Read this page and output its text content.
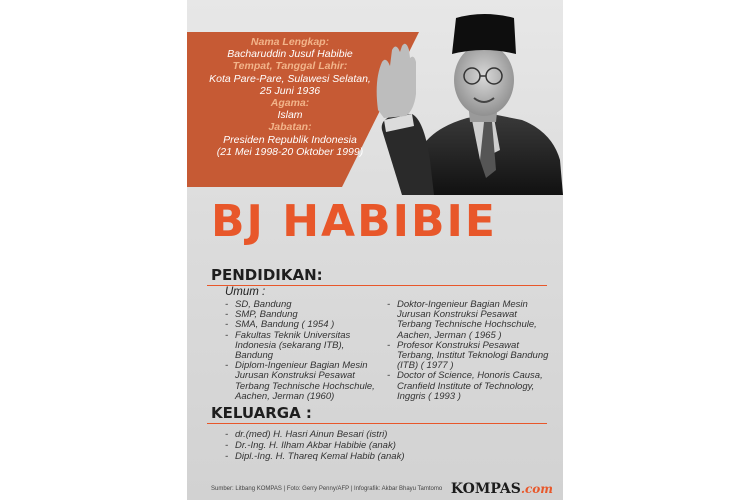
Nama Lengkap:
Bacharuddin Jusuf Habibie
Tempat, Tanggal Lahir:
Kota Pare-Pare, Sulawesi Selatan,
25 Juni 1936
Agama:
Islam
Jabatan:
Presiden Republik Indonesia
(21 Mei 1998-20 Oktober 1999)
BJ HABIBIE
PENDIDIKAN:
Umum :
- SD, Bandung
- SMP, Bandung
- SMA, Bandung ( 1954 )
- Fakultas Teknik Universitas Indonesia (sekarang ITB), Bandung
- Diplom-Ingenieur Bagian Mesin Jurusan Konstruksi Pesawat Terbang Technische Hochschule, Aachen, Jerman (1960)
- Doktor-Ingenieur Bagian Mesin Jurusan Konstruksi Pesawat Terbang Technische Hochschule, Aachen, Jerman ( 1965 )
- Profesor Konstruksi Pesawat Terbang, Institut Teknologi Bandung (ITB) ( 1977 )
- Doctor of Science, Honoris Causa, Cranfield Institute of Technology, Inggris ( 1993 )
KELUARGA :
- dr.(med) H. Hasri Ainun Besari (istri)
- Dr.-Ing. H. Ilham Akbar Habibie (anak)
- Dipl.-Ing. H. Thareq Kemal Habib (anak)
Sumber: Litbang KOMPAS | Foto: Gerry Penny/AFP | Infografik: Akbar Bhayu Tamtomo KOMPAS.com
